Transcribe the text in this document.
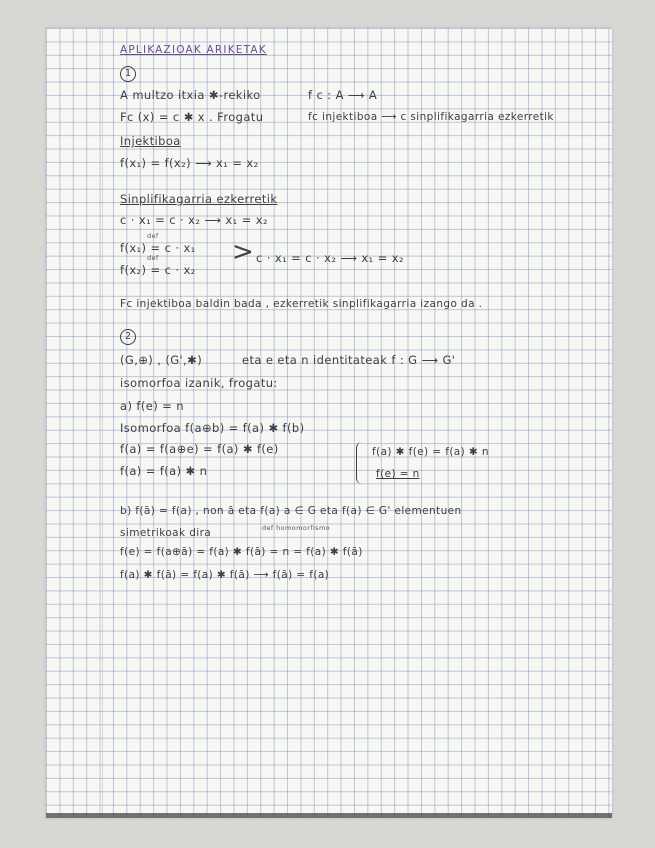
APLIKAZIOAK ARIKETAK
1
A multzo itxia ✱-rekiko	f c : A ⟶ A
Fc (x) = c ✱ x . Frogatu	fc injektiboa ⟶ c sinplifikagarria ezkerretik
Injektiboa
f(x₁) = f(x₂) ⟶ x₁ = x₂
Sinplifikagarria ezkerretik
c · x₁ = c · x₂ ⟶ x₁ = x₂
def
f(x₁) = c · x₁
def
f(x₂) = c · x₂
> c · x₁ = c · x₂ ⟶ x₁ = x₂
Fc injektiboa baldin bada , ezkerretik sinplifikagarria izango da .
2
(G,⊕) , (G',✱)	eta e eta n identitateak f : G ⟶ G'
isomorfoa izanik, frogatu:
a) f(e) = n
Isomorfoa f(a⊕b) = f(a) ✱ f(b)
f(a) = f(a⊕e) = f(a) ✱ f(e)
f(a) = f(a) ✱ n
f(a) ✱ f(e) = f(a) ✱ n
f(e) = n
b) f(ā) = f(a) , non ā eta f(a) a ∈ G eta f(a) ∈ G' elementuen
simetrikoak dira	def homomorfismo
f(e) = f(a⊕ā) = f(a) ✱ f(ā) = n = f(a) ✱ f(ā)
f(a) ✱ f(ā) = f(a) ✱ f(ā) ⟶ f(ā) = f(a)
